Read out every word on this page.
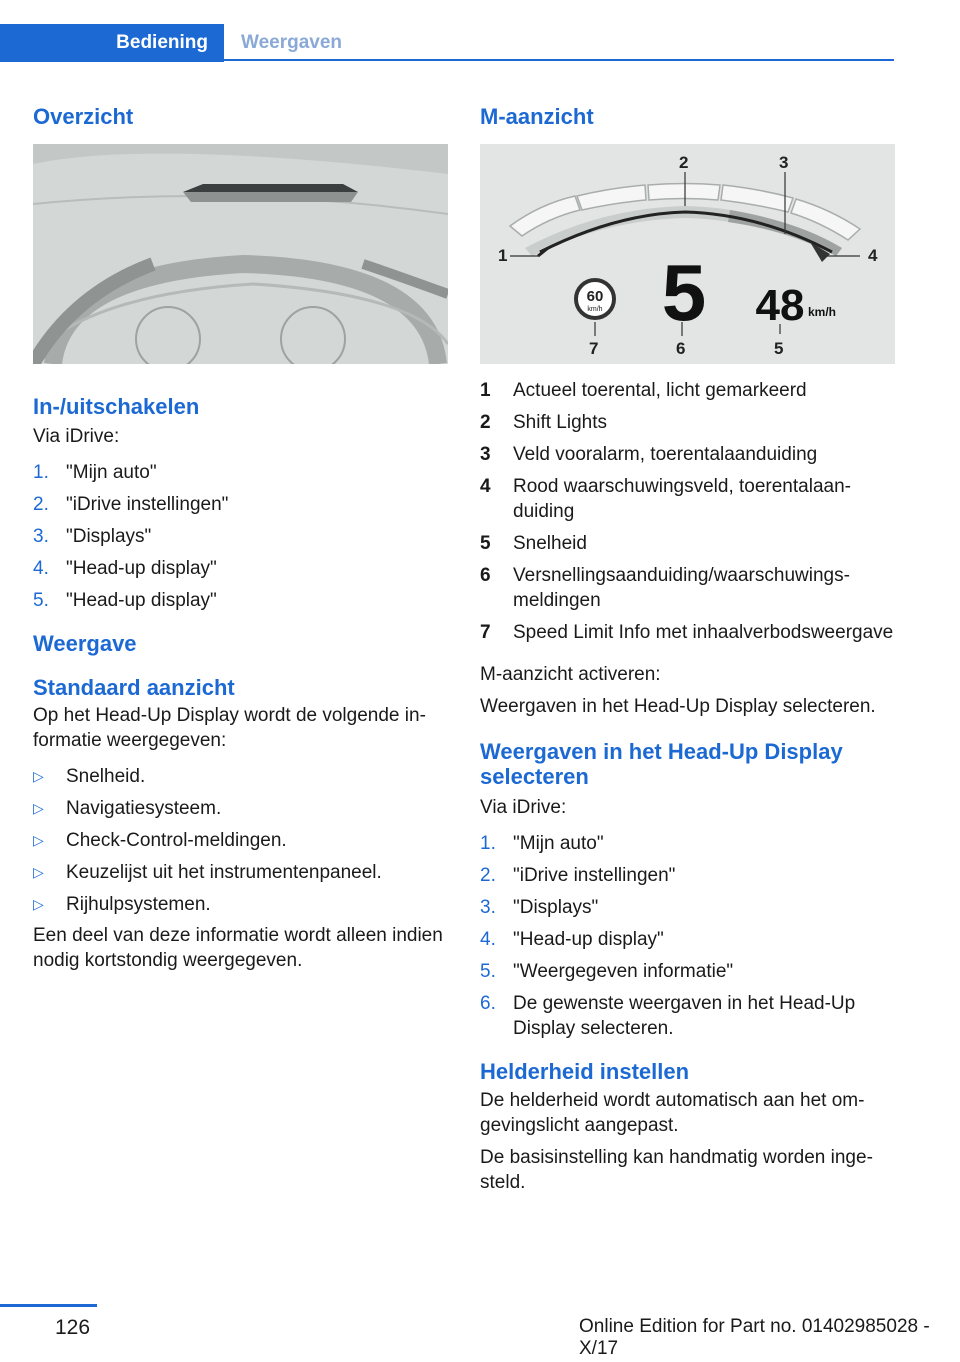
Bediening	Weergaven
Overzicht
In-/uitschakelen

Via iDrive:

1. "Mijn auto"
2. "iDrive instellingen"
3. "Displays"
4. "Head-up display"
5. "Head-up display"
Weergave
Standaard aanzicht

Op het Head-Up Display wordt de volgende informatie weergegeven:

▷ Snelheid.
▷ Navigatiesysteem.
▷ Check-Control-meldingen.
▷ Keuzelijst uit het instrumentenpaneel.
▷ Rijhulpsystemen.

Een deel van deze informatie wordt alleen indien nodig kortstondig weergegeven.

M-aanzicht
60
km/h 5 48 km/h
1
2	3
4
5
6
7
1 Actueel toerental, licht gemarkeerd
2 Shift Lights
3 Veld vooralarm, toerentalaanduiding
4 Rood waarschuwingsveld, toerentalaanduiding
5 Snelheid
6 Versnellingsaanduiding/waarschuwingsmeldingen
7 Speed Limit Info met inhaalverbodsweergave

M-aanzicht activeren:

Weergaven in het Head-Up Display selecteren.

Weergaven in het Head-Up Display selecteren

Via iDrive:

1. "Mijn auto"
2. "iDrive instellingen"
3. "Displays"
4. "Head-up display"
5. "Weergegeven informatie"
6. De gewenste weergaven in het Head-Up Display selecteren.
Helderheid instellen

De helderheid wordt automatisch aan het omgevingslicht aangepast.

De basisinstelling kan handmatig worden ingesteld.

126	Online Edition for Part no. 01402985028 - X/17
